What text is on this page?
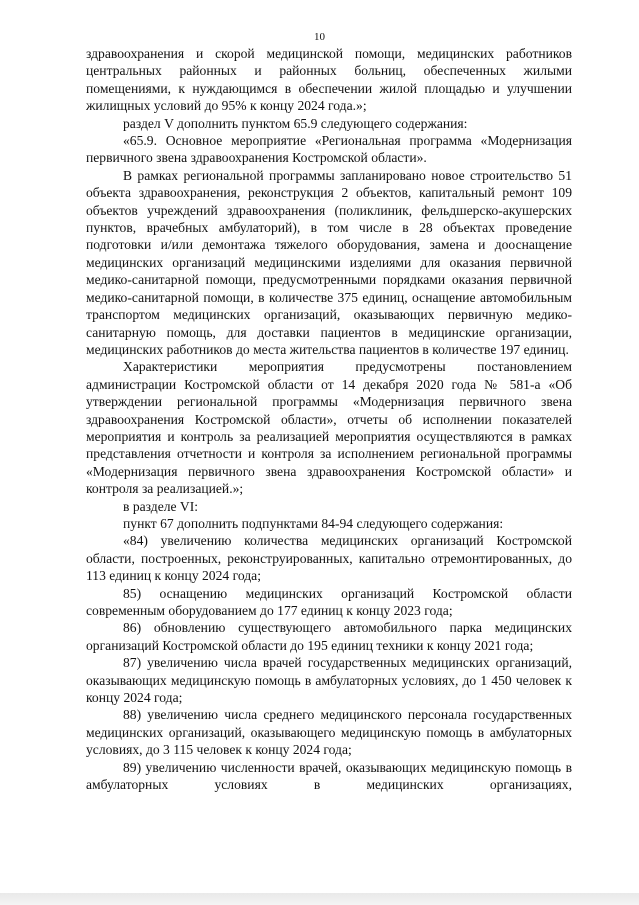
10

здравоохранения и скорой медицинской помощи, медицинских работников центральных районных и районных больниц, обеспеченных жилыми помещениями, к нуждающимся в обеспечении жилой площадью и улучшении жилищных условий до 95% к концу 2024 года.»;

раздел V дополнить пунктом 65.9 следующего содержания:

«65.9. Основное мероприятие «Региональная программа «Модернизация первичного звена здравоохранения Костромской области».

В рамках региональной программы запланировано новое строительство 51 объекта здравоохранения, реконструкция 2 объектов, капитальный ремонт 109 объектов учреждений здравоохранения (поликлиник, фельдшерско-акушерских пунктов, врачебных амбулаторий), в том числе в 28 объектах проведение подготовки и/или демонтажа тяжелого оборудования, замена и дооснащение медицинских организаций медицинскими изделиями для оказания первичной медико-санитарной помощи, предусмотренными порядками оказания первичной медико-санитарной помощи, в количестве 375 единиц, оснащение автомобильным транспортом медицинских организаций, оказывающих первичную медико-санитарную помощь, для доставки пациентов в медицинские организации, медицинских работников до места жительства пациентов в количестве 197 единиц.

Характеристики мероприятия предусмотрены постановлением администрации Костромской области от 14 декабря 2020 года № 581-а «Об утверждении региональной программы «Модернизация первичного звена здравоохранения Костромской области», отчеты об исполнении показателей мероприятия и контроль за реализацией мероприятия осуществляются в рамках представления отчетности и контроля за исполнением региональной программы «Модернизация первичного звена здравоохранения Костромской области» и контроля за реализацией.»;

в разделе VI:

пункт 67 дополнить подпунктами 84-94 следующего содержания:

«84) увеличению количества медицинских организаций Костромской области, построенных, реконструированных, капитально отремонтированных, до 113 единиц к концу 2024 года;

85) оснащению медицинских организаций Костромской области современным оборудованием до 177 единиц к концу 2023 года;

86) обновлению существующего автомобильного парка медицинских организаций Костромской области до 195 единиц техники к концу 2021 года;

87) увеличению числа врачей государственных медицинских организаций, оказывающих медицинскую помощь в амбулаторных условиях, до 1 450 человек к концу 2024 года;

88) увеличению числа среднего медицинского персонала государственных медицинских организаций, оказывающего медицинскую помощь в амбулаторных условиях, до 3 115 человек к концу 2024 года;

89) увеличению численности врачей, оказывающих медицинскую помощь в амбулаторных условиях в медицинских организациях,
